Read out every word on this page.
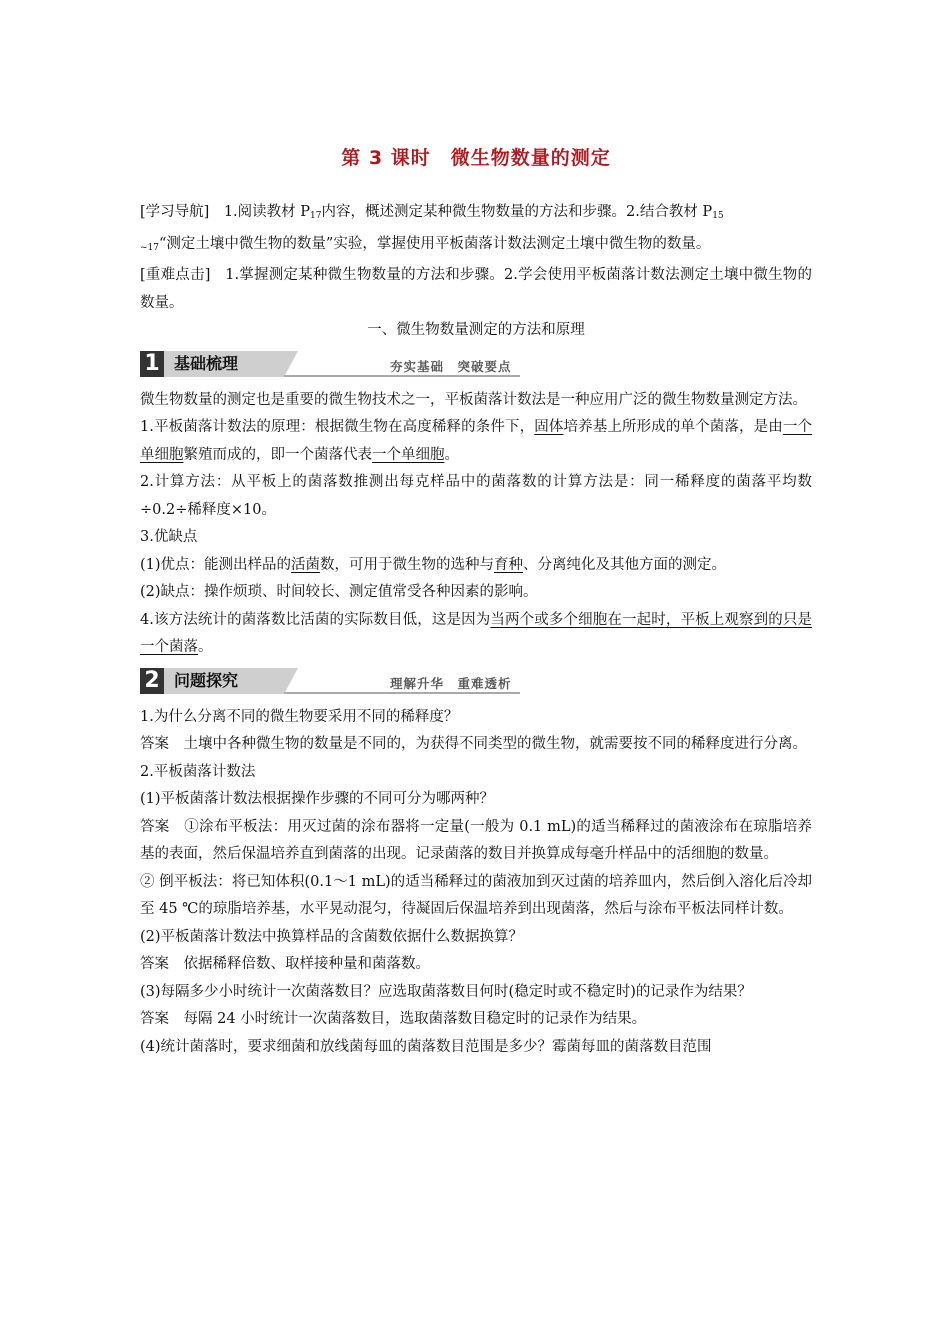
第 3 课时　微生物数量的测定

[学习导航]　1.阅读教材 $P_{17}$内容，概述测定某种微生物数量的方法和步骤。2.结合教材 $P_{15}$
$_{\sim 17}$“测定土壤中微生物的数量”实验，掌握使用平板菌落计数法测定土壤中微生物的数量。

[重难点击]　1.掌握测定某种微生物数量的方法和步骤。2.学会使用平板菌落计数法测定土壤中微生物的数量。

一、微生物数量测定的方法和原理

1 基础梳理	夯实基础　突破要点

微生物数量的测定也是重要的微生物技术之一，平板菌落计数法是一种应用广泛的微生物数量测定方法。

1.平板菌落计数法的原理：根据微生物在高度稀释的条件下，固体培养基上所形成的单个菌落，是由一个单细胞繁殖而成的，即一个菌落代表一个单细胞。

2.计算方法：从平板上的菌落数推测出每克样品中的菌落数的计算方法是：同一稀释度的菌落平均数÷0.2÷稀释度×10。

3.优缺点

(1)优点：能测出样品的活菌数，可用于微生物的选种与育种、分离纯化及其他方面的测定。

(2)缺点：操作烦琐、时间较长、测定值常受各种因素的影响。

4.该方法统计的菌落数比活菌的实际数目低，这是因为当两个或多个细胞在一起时，平板上观察到的只是一个菌落。

2 问题探究	理解升华　重难透析

1.为什么分离不同的微生物要采用不同的稀释度？

答案　土壤中各种微生物的数量是不同的，为获得不同类型的微生物，就需要按不同的稀释度进行分离。

2.平板菌落计数法

(1)平板菌落计数法根据操作步骤的不同可分为哪两种？

答案　①涂布平板法：用灭过菌的涂布器将一定量(一般为 0.1 mL)的适当稀释过的菌液涂布在琼脂培养基的表面，然后保温培养直到菌落的出现。记录菌落的数目并换算成每毫升样品中的活细胞的数量。

② 倒平板法：将已知体积(0.1～1 mL)的适当稀释过的菌液加到灭过菌的培养皿内，然后倒入溶化后冷却至 45 ℃的琼脂培养基，水平晃动混匀，待凝固后保温培养到出现菌落，然后与涂布平板法同样计数。

(2)平板菌落计数法中换算样品的含菌数依据什么数据换算？

答案　依据稀释倍数、取样接种量和菌落数。

(3)每隔多少小时统计一次菌落数目？应选取菌落数目何时(稳定时或不稳定时)的记录作为结果？

答案　每隔 24 小时统计一次菌落数目，选取菌落数目稳定时的记录作为结果。

(4)统计菌落时，要求细菌和放线菌每皿的菌落数目范围是多少？霉菌每皿的菌落数目范围
